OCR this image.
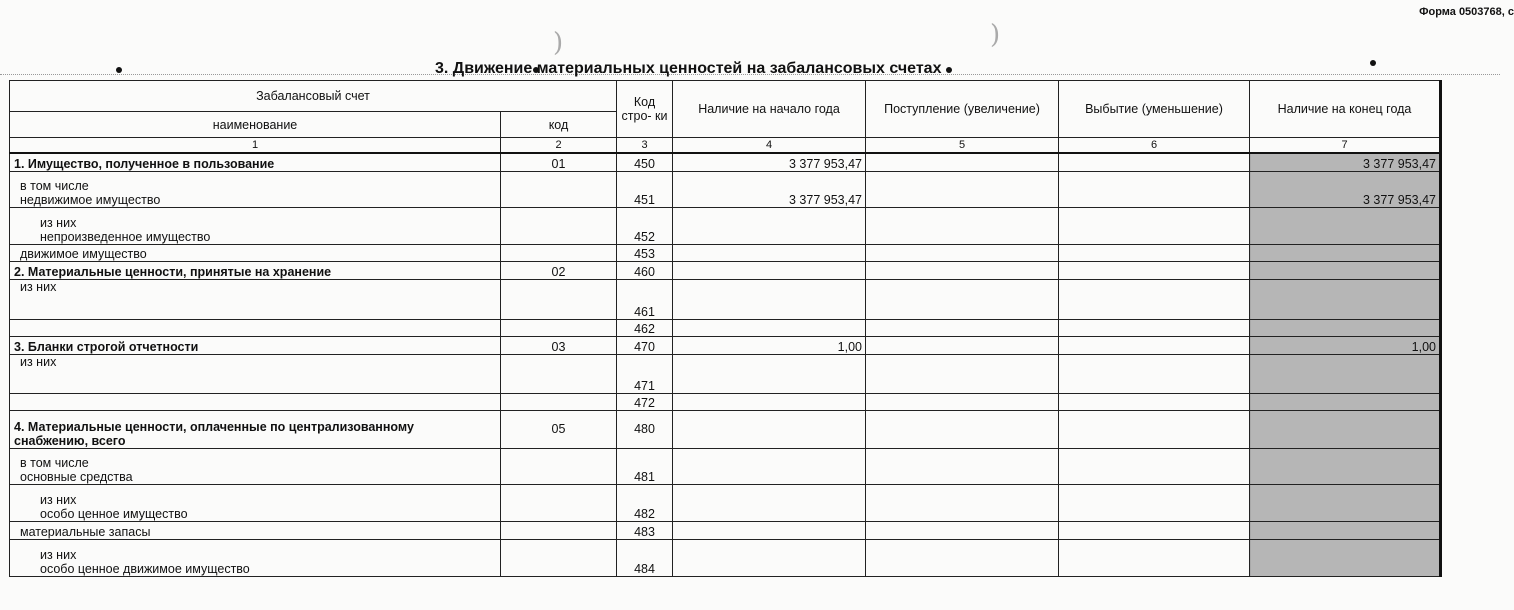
Форма 0503768, с
)	)
3. Движение материальных ценностей на забалансовых счетах
Забалансовый счет		Код стро- ки	Наличие на начало года	Поступление (увеличение)	Выбытие (уменьшение)	Наличие на конец года
наименование	код					
1	2	3	4	5	6	7
1. Имущество, полученное в пользование	01	450	3 377 953,47			3 377 953,47

в том числе
недвижимое имущество		451	3 377 953,47			3 377 953,47

из них
непроизведенное имущество		452				
движимое имущество		453				
2. Материальные ценности, принятые на хранение	02	460				
из них		461				
		462				
3. Бланки строгой отчетности	03	470	1,00			1,00
из них		471				
		472				

4. Материальные ценности, оплаченные по централизованному
снабжению, всего	05	480				

в том числе
основные средства		481				

из них
особо ценное имущество		482				
материальные запасы		483				

из них
особо ценное движимое имущество		484				
